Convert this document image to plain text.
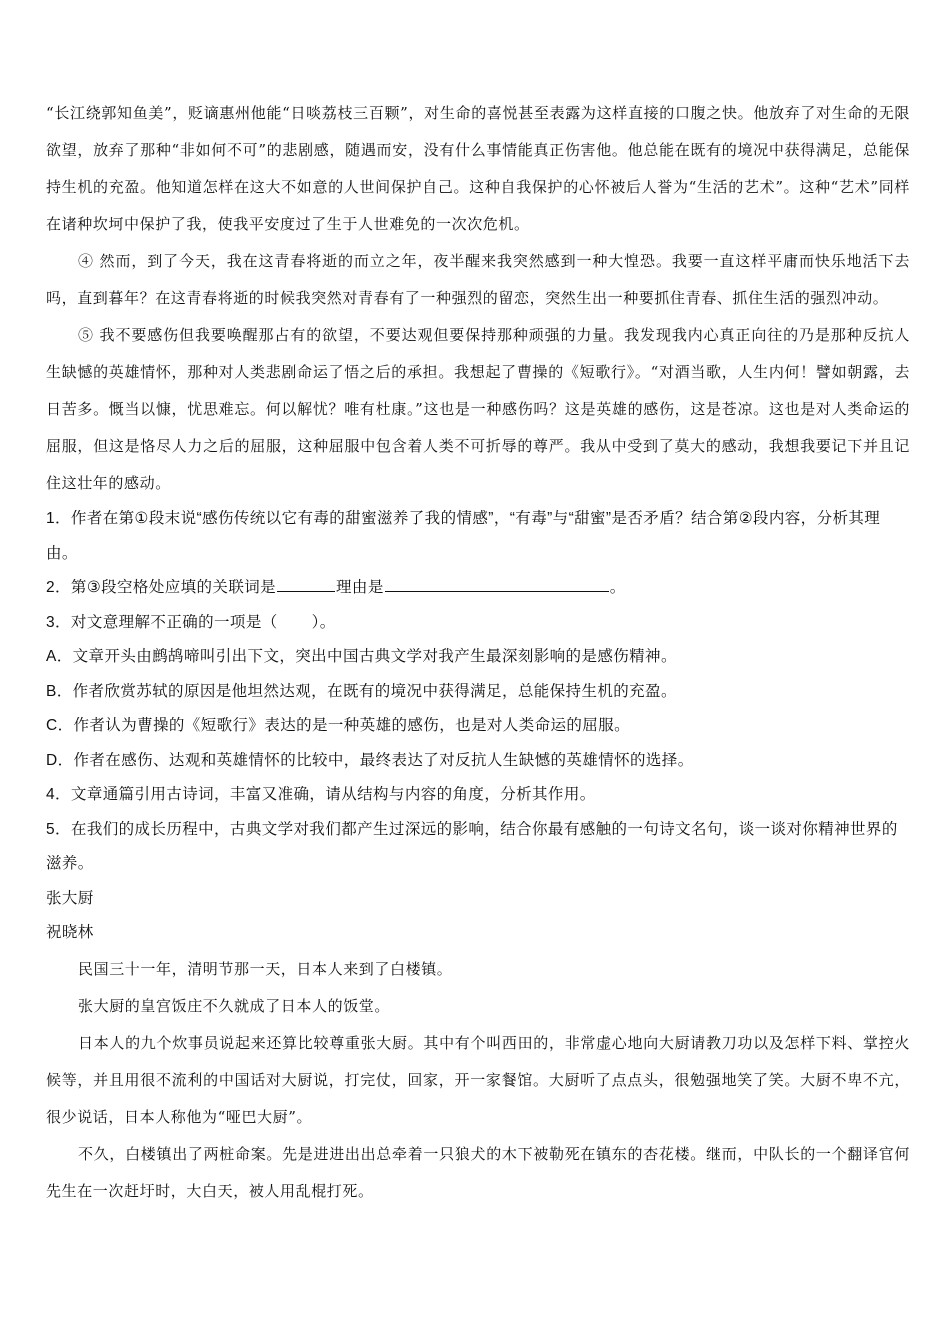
“长江绕郭知鱼美”，贬谪惠州他能“日啖荔枝三百颗”，对生命的喜悦甚至表露为这样直接的口腹之快。他放弃了对生命的无限欲望，放弃了那种“非如何不可”的悲剧感，随遇而安，没有什么事情能真正伤害他。他总能在既有的境况中获得满足，总能保持生机的充盈。他知道怎样在这大不如意的人世间保护自己。这种自我保护的心怀被后人誉为“生活的艺术”。这种“艺术”同样在诸种坎坷中保护了我，使我平安度过了生于人世难免的一次次危机。

④ 然而，到了今天，我在这青春将逝的而立之年，夜半醒来我突然感到一种大惶恐。我要一直这样平庸而快乐地活下去吗，直到暮年？在这青春将逝的时候我突然对青春有了一种强烈的留恋，突然生出一种要抓住青春、抓住生活的强烈冲动。

⑤ 我不要感伤但我要唤醒那占有的欲望，不要达观但要保持那种顽强的力量。我发现我内心真正向往的乃是那种反抗人生缺憾的英雄情怀，那种对人类悲剧命运了悟之后的承担。我想起了曹操的《短歌行》。“对酒当歌，人生内何！譬如朝露，去日苦多。慨当以慷，忧思难忘。何以解忧？唯有杜康。”这也是一种感伤吗？这是英雄的感伤，这是苍凉。这也是对人类命运的屈服，但这是恪尽人力之后的屈服，这种屈服中包含着人类不可折辱的尊严。我从中受到了莫大的感动，我想我要记下并且记住这壮年的感动。

1．作者在第①段末说“感伤传统以它有毒的甜蜜滋养了我的情感”，“有毒”与“甜蜜”是否矛盾？结合第②段内容，分析其理由。

2．第③段空格处应填的关联词是	理由是	。

3．对文意理解不正确的一项是（ ）。

A．文章开头由鹧鸪啼叫引出下文，突出中国古典文学对我产生最深刻影响的是感伤精神。

B．作者欣赏苏轼的原因是他坦然达观，在既有的境况中获得满足，总能保持生机的充盈。

C．作者认为曹操的《短歌行》表达的是一种英雄的感伤，也是对人类命运的屈服。

D．作者在感伤、达观和英雄情怀的比较中，最终表达了对反抗人生缺憾的英雄情怀的选择。

4．文章通篇引用古诗词，丰富又准确，请从结构与内容的角度，分析其作用。

5．在我们的成长历程中，古典文学对我们都产生过深远的影响，结合你最有感触的一句诗文名句，谈一谈对你精神世界的滋养。

张大厨

祝晓林

民国三十一年，清明节那一天，日本人来到了白楼镇。

张大厨的皇宫饭庄不久就成了日本人的饭堂。

日本人的九个炊事员说起来还算比较尊重张大厨。其中有个叫西田的，非常虚心地向大厨请教刀功以及怎样下料、掌控火候等，并且用很不流利的中国话对大厨说，打完仗，回家，开一家餐馆。大厨听了点点头，很勉强地笑了笑。大厨不卑不亢，很少说话，日本人称他为“哑巴大厨”。

不久，白楼镇出了两桩命案。先是进进出出总牵着一只狼犬的木下被勒死在镇东的杏花楼。继而，中队长的一个翻译官何先生在一次赶圩时，大白天，被人用乱棍打死。
